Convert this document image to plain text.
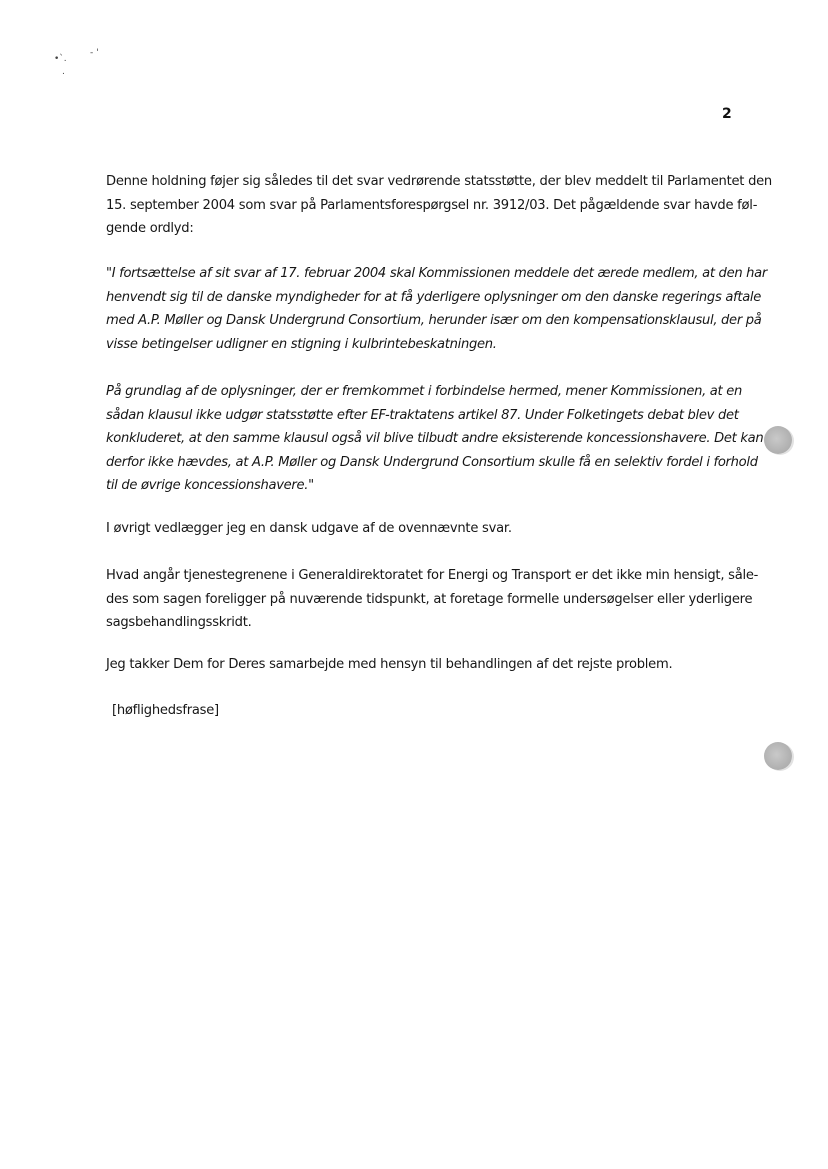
•`.
- '
.
2
Denne holdning føjer sig således til det svar vedrørende statsstøtte, der blev meddelt til Parlamentet den
15. september 2004 som svar på Parlamentsforespørgsel nr. 3912/03. Det pågældende svar havde føl-
gende ordlyd:
"I fortsættelse af sit svar af 17. februar 2004 skal Kommissionen meddele det ærede medlem, at den har
henvendt sig til de danske myndigheder for at få yderligere oplysninger om den danske regerings aftale
med A.P. Møller og Dansk Undergrund Consortium, herunder især om den kompensationsklausul, der på
visse betingelser udligner en stigning i kulbrintebeskatningen.
På grundlag af de oplysninger, der er fremkommet i forbindelse hermed, mener Kommissionen, at en
sådan klausul ikke udgør statsstøtte efter EF-traktatens artikel 87. Under Folketingets debat blev det
konkluderet, at den samme klausul også vil blive tilbudt andre eksisterende koncessionshavere. Det kan
derfor ikke hævdes, at A.P. Møller og Dansk Undergrund Consortium skulle få en selektiv fordel i forhold
til de øvrige koncessionshavere."
I øvrigt vedlægger jeg en dansk udgave af de ovennævnte svar.
Hvad angår tjenestegrenene i Generaldirektoratet for Energi og Transport er det ikke min hensigt, såle-
des som sagen foreligger på nuværende tidspunkt, at foretage formelle undersøgelser eller yderligere
sagsbehandlingsskridt.
Jeg takker Dem for Deres samarbejde med hensyn til behandlingen af det rejste problem.
[høflighedsfrase]
